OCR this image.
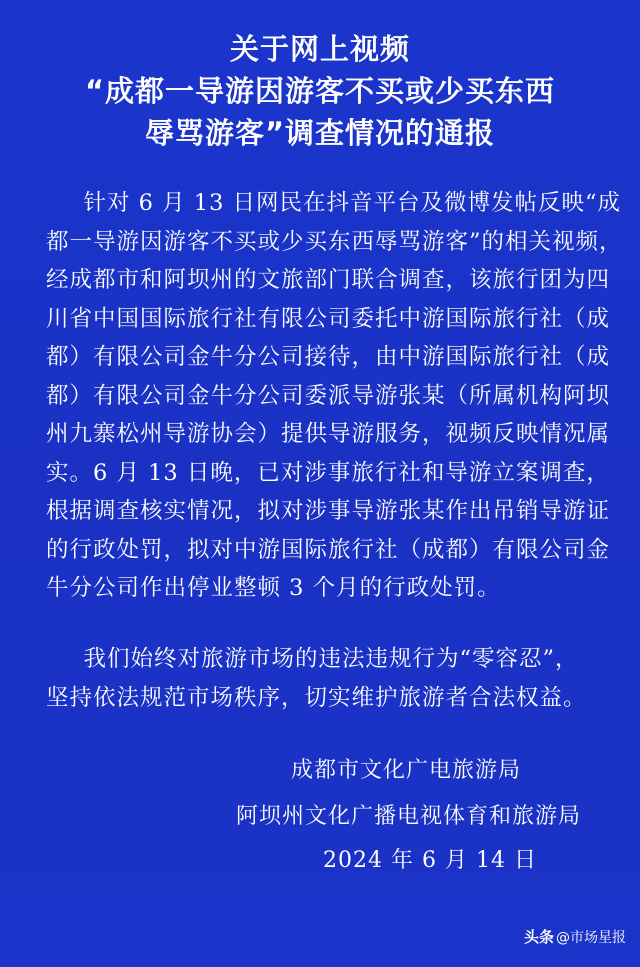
关于网上视频
“成都一导游因游客不买或少买东西
辱骂游客”调查情况的通报
　针对 6 月 13 日网民在抖音平台及微博发帖反映“成
都一导游因游客不买或少买东西辱骂游客”的相关视频，
经成都市和阿坝州的文旅部门联合调查，该旅行团为四
川省中国国际旅行社有限公司委托中游国际旅行社（成
都）有限公司金牛分公司接待，由中游国际旅行社（成
都）有限公司金牛分公司委派导游张某（所属机构阿坝
州九寨松州导游协会）提供导游服务，视频反映情况属
实。6 月 13 日晚，已对涉事旅行社和导游立案调查，
根据调查核实情况，拟对涉事导游张某作出吊销导游证
的行政处罚，拟对中游国际旅行社（成都）有限公司金
牛分公司作出停业整顿 3 个月的行政处罚。
　我们始终对旅游市场的违法违规行为“零容忍”，
坚持依法规范市场秩序，切实维护旅游者合法权益。
成都市文化广电旅游局
阿坝州文化广播电视体育和旅游局
2024 年 6 月 14 日
头条 @市场星报
